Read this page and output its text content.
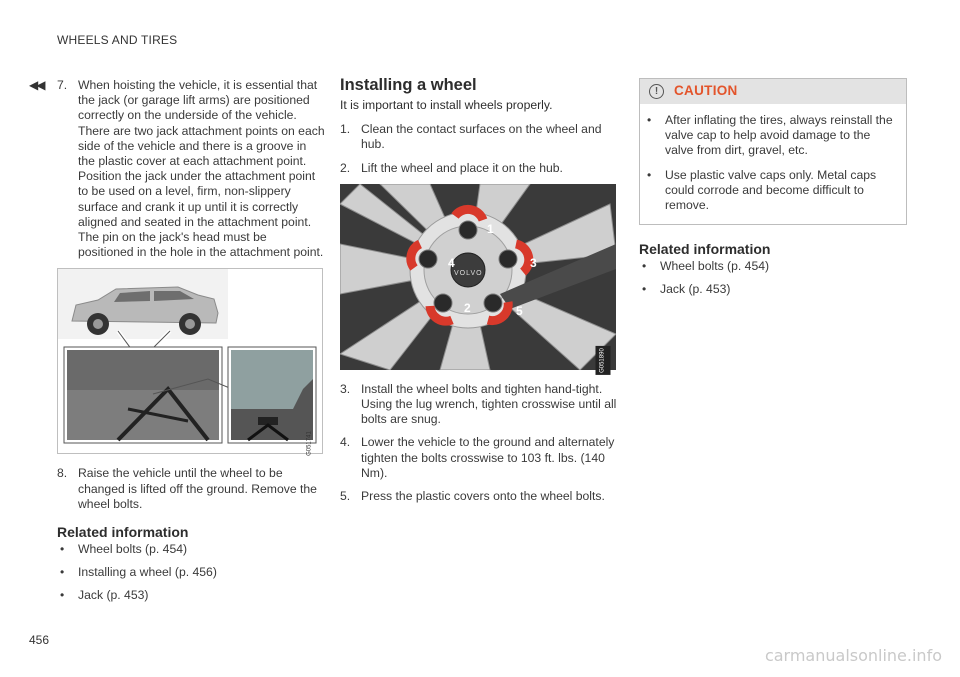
WHEELS AND TIRES
◀◀ 7. When hoisting the vehicle, it is essential that the jack (or garage lift arms) are positioned correctly on the underside of the vehicle. There are two jack attachment points on each side of the vehicle and there is a groove in the plastic cover at each attachment point. Position the jack under the attachment point to be used on a level, firm, non-slippery surface and crank it up until it is correctly aligned and seated in the attachment point. The pin on the jack's head must be positioned in the hole in the attachment point.
G051741
8. Raise the vehicle until the wheel to be changed is lifted off the ground. Remove the wheel bolts.
Related information
• Wheel bolts (p. 454)
• Installing a wheel (p. 456)
• Jack (p. 453)
Installing a wheel
It is important to install wheels properly.
1. Clean the contact surfaces on the wheel and hub.
2. Lift the wheel and place it on the hub.
VOLVO
1
2
3
4
5
G051890
3. Install the wheel bolts and tighten hand-tight. Using the lug wrench, tighten crosswise until all bolts are snug.
4. Lower the vehicle to the ground and alternately tighten the bolts crosswise to 103 ft. lbs. (140 Nm).
5. Press the plastic covers onto the wheel bolts.
!	CAUTION
• After inflating the tires, always reinstall the valve cap to help avoid damage to the valve from dirt, gravel, etc.
• Use plastic valve caps only. Metal caps could corrode and become difficult to remove.
Related information
• Wheel bolts (p. 454)
• Jack (p. 453)
456
carmanualsonline.info
